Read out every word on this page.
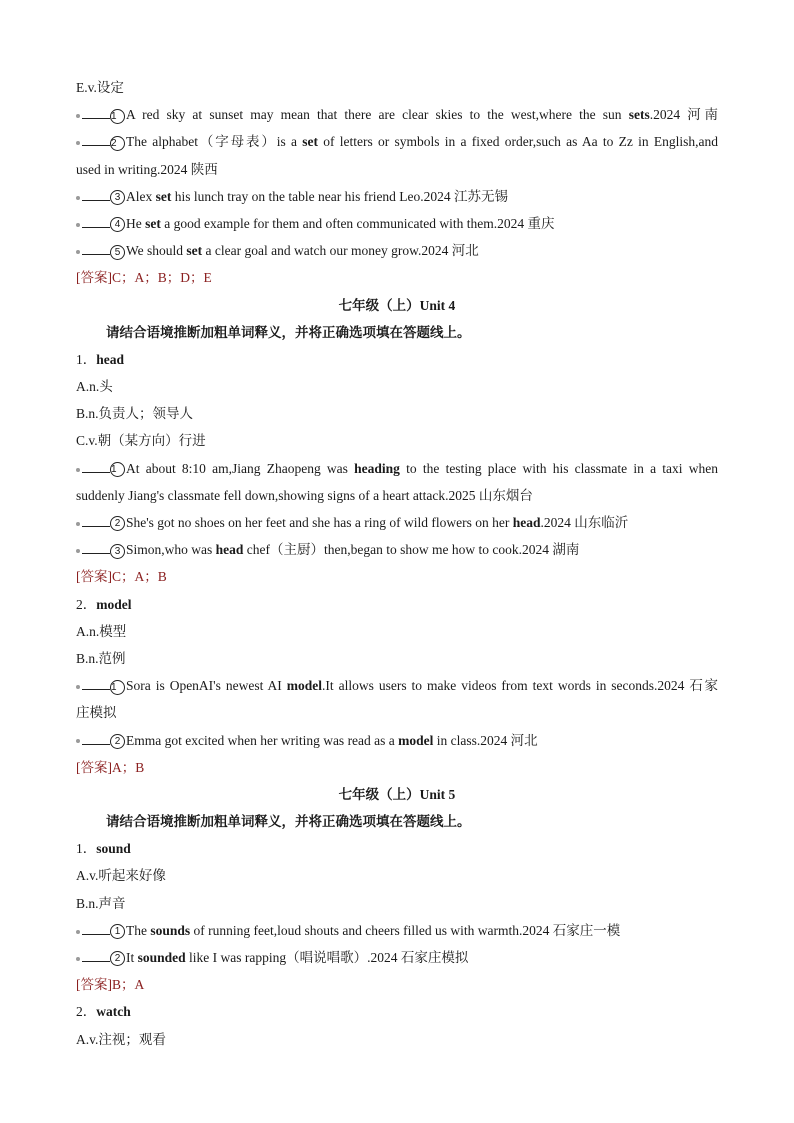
E.v.设定
1 A red sky at sunset may mean that there are clear skies to the west,where the sun sets.2024 河南
2 The alphabet（字母表）is a set of letters or symbols in a fixed order,such as Aa to Zz in English,and
used in writing.2024 陕西
3 Alex set his lunch tray on the table near his friend Leo.2024 江苏无锡
4 He set a good example for them and often communicated with them.2024 重庆
5 We should set a clear goal and watch our money grow.2024 河北
[答案]C；A；B；D；E
七年级（上）Unit 4
请结合语境推断加粗单词释义，并将正确选项填在答题线上。
1．head
A.n.头
B.n.负责人；领导人
C.v.朝（某方向）行进
1 At about 8:10 am,Jiang Zhaopeng was heading to the testing place with his classmate in a taxi when
suddenly Jiang's classmate fell down,showing signs of a heart attack.2025 山东烟台
2 She's got no shoes on her feet and she has a ring of wild flowers on her head.2024 山东临沂
3 Simon,who was head chef（主厨）then,began to show me how to cook.2024 湖南
[答案]C；A；B
2．model
A.n.模型
B.n.范例
1 Sora is OpenAI's newest AI model.It allows users to make videos from text words in seconds.2024 石家
庄模拟
2 Emma got excited when her writing was read as a model in class.2024 河北
[答案]A；B
七年级（上）Unit 5
请结合语境推断加粗单词释义，并将正确选项填在答题线上。
1．sound
A.v.听起来好像
B.n.声音
1 The sounds of running feet,loud shouts and cheers filled us with warmth.2024 石家庄一模
2 It sounded like I was rapping（唱说唱歌）.2024 石家庄模拟
[答案]B；A
2．watch
A.v.注视；观看
